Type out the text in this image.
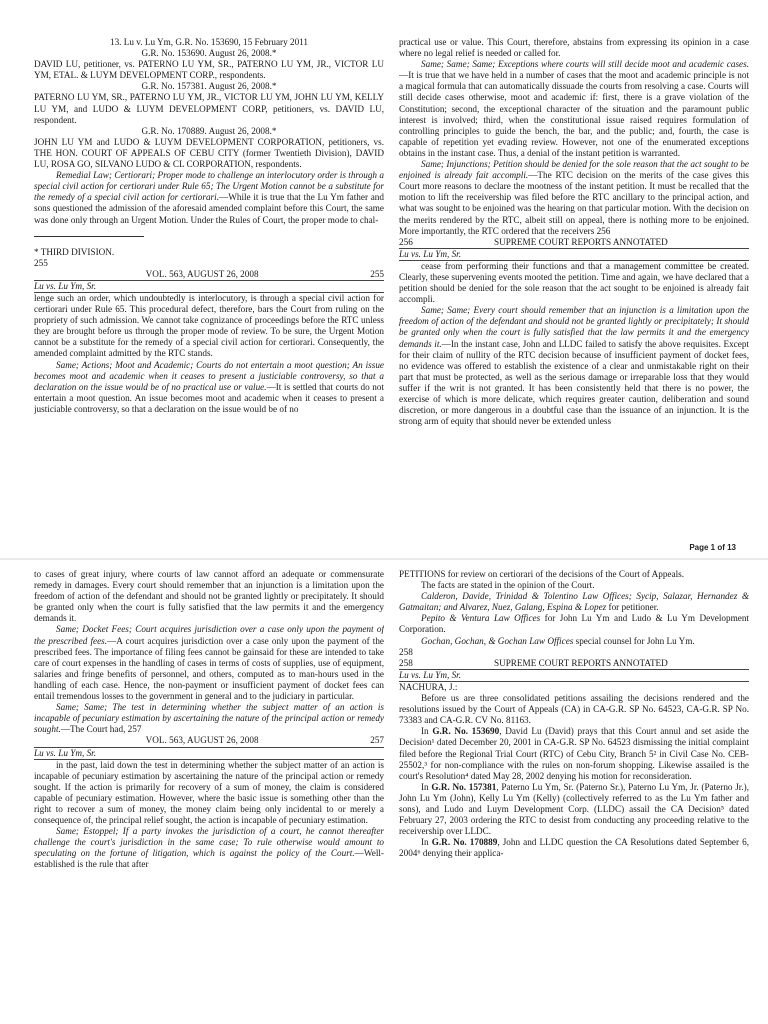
13. Lu v. Lu Ym, G.R. No. 153690, 15 February 2011

G.R. No. 153690. August 26, 2008.*

DAVID LU, petitioner, vs. PATERNO LU YM, SR., PATERNO LU YM, JR., VICTOR LU YM, ETAL. & LUYM DEVELOPMENT CORP., respondents.

G.R. No. 157381. August 26, 2008.*

PATERNO LU YM, SR., PATERNO LU YM, JR., VICTOR LU YM, JOHN LU YM, KELLY LU YM, and LUDO & LUYM DEVELOPMENT CORP, petitioners, vs. DAVID LU, respondent.

G.R. No. 170889. August 26, 2008.*

JOHN LU YM and LUDO & LUYM DEVELOPMENT CORPORATION, petitioners, vs. THE HON. COURT OF APPEALS OF CEBU CITY (former Twentieth Division), DAVID LU, ROSA GO, SILVANO LUDO & CL CORPORATION, respondents.

Remedial Law; Certiorari; Proper mode to challenge an interlocutory order is through a special civil action for certiorari under Rule 65; The Urgent Motion cannot be a substitute for the remedy of a special civil action for certiorari.—While it is true that the Lu Ym father and sons questioned the admission of the aforesaid amended complaint before this Court, the same was done only through an Urgent Motion. Under the Rules of Court, the proper mode to chal-

* THIRD DIVISION.

255

VOL. 563, AUGUST 26, 2008	255

Lu vs. Lu Ym, Sr.

lenge such an order, which undoubtedly is interlocutory, is through a special civil action for certiorari under Rule 65. This procedural defect, therefore, bars the Court from ruling on the propriety of such admission. We cannot take cognizance of proceedings before the RTC unless they are brought before us through the proper mode of review. To be sure, the Urgent Motion cannot be a substitute for the remedy of a special civil action for certiorari. Consequently, the amended complaint admitted by the RTC stands.

Same; Actions; Moot and Academic; Courts do not entertain a moot question; An issue becomes moot and academic when it ceases to present a justiciable controversy, so that a declaration on the issue would be of no practical use or value.—It is settled that courts do not entertain a moot question. An issue becomes moot and academic when it ceases to present a justiciable controversy, so that a declaration on the issue would be of no

practical use or value. This Court, therefore, abstains from expressing its opinion in a case where no legal relief is needed or called for.

Same; Same; Same; Exceptions where courts will still decide moot and academic cases.—It is true that we have held in a number of cases that the moot and academic principle is not a magical formula that can automatically dissuade the courts from resolving a case. Courts will still decide cases otherwise, moot and academic if: first, there is a grave violation of the Constitution; second, the exceptional character of the situation and the paramount public interest is involved; third, when the constitutional issue raised requires formulation of controlling principles to guide the bench, the bar, and the public; and, fourth, the case is capable of repetition yet evading review. However, not one of the enumerated exceptions obtains in the instant case. Thus, a denial of the instant petition is warranted.

Same; Injunctions; Petition should be denied for the sole reason that the act sought to be enjoined is already fait accompli.—The RTC decision on the merits of the case gives this Court more reasons to declare the mootness of the instant petition. It must be recalled that the motion to lift the receivership was filed before the RTC ancillary to the principal action, and what was sought to be enjoined was the hearing on that particular motion. With the decision on the merits rendered by the RTC, albeit still on appeal, there is nothing more to be enjoined. More importantly, the RTC ordered that the receivers 256

256	SUPREME COURT REPORTS ANNOTATED

Lu vs. Lu Ym, Sr.

cease from performing their functions and that a management committee be created. Clearly, these supervening events mooted the petition. Time and again, we have declared that a petition should be denied for the sole reason that the act sought to be enjoined is already fait accompli.

Same; Same; Every court should remember that an injunction is a limitation upon the freedom of action of the defendant and should not be granted lightly or precipitately; It should be granted only when the court is fully satisfied that the law permits it and the emergency demands it.—In the instant case, John and LLDC failed to satisfy the above requisites. Except for their claim of nullity of the RTC decision because of insufficient payment of docket fees, no evidence was offered to establish the existence of a clear and unmistakable right on their part that must be protected, as well as the serious damage or irreparable loss that they would suffer if the writ is not granted. It has been consistently held that there is no power, the exercise of which is more delicate, which requires greater caution, deliberation and sound discretion, or more dangerous in a doubtful case than the issuance of an injunction. It is the strong arm of equity that should never be extended unless

Page 1 of 13

to cases of great injury, where courts of law cannot afford an adequate or commensurate remedy in damages. Every court should remember that an injunction is a limitation upon the freedom of action of the defendant and should not be granted lightly or precipitately. It should be granted only when the court is fully satisfied that the law permits it and the emergency demands it.

Same; Docket Fees; Court acquires jurisdiction over a case only upon the payment of the prescribed fees.—A court acquires jurisdiction over a case only upon the payment of the prescribed fees. The importance of filing fees cannot be gainsaid for these are intended to take care of court expenses in the handling of cases in terms of costs of supplies, use of equipment, salaries and fringe benefits of personnel, and others, computed as to man-hours used in the handling of each case. Hence, the non-payment or insufficient payment of docket fees can entail tremendous losses to the government in general and to the judiciary in particular.

Same; Same; The test in determining whether the subject matter of an action is incapable of pecuniary estimation by ascertaining the nature of the principal action or remedy sought.—The Court had, 257

VOL. 563, AUGUST 26, 2008	257

Lu vs. Lu Ym, Sr.

in the past, laid down the test in determining whether the subject matter of an action is incapable of pecuniary estimation by ascertaining the nature of the principal action or remedy sought. If the action is primarily for recovery of a sum of money, the claim is considered capable of pecuniary estimation. However, where the basic issue is something other than the right to recover a sum of money, the money claim being only incidental to or merely a consequence of, the principal relief sought, the action is incapable of pecuniary estimation.

Same; Estoppel; If a party invokes the jurisdiction of a court, he cannot thereafter challenge the court's jurisdiction in the same case; To rule otherwise would amount to speculating on the fortune of litigation, which is against the policy of the Court.—Well-established is the rule that after

PETITIONS for review on certiorari of the decisions of the Court of Appeals.

The facts are stated in the opinion of the Court.

Calderon, Davide, Trinidad & Tolentino Law Offices; Sycip, Salazar, Hernandez & Gatmaitan; and Alvarez, Nuez, Galang, Espina & Lopez for petitioner.

Pepito & Ventura Law Offices for John Lu Ym and Ludo & Lu Ym Development Corporation.

Gochan, Gochan, & Gochan Law Offices special counsel for John Lu Ym.

258

258	SUPREME COURT REPORTS ANNOTATED

Lu vs. Lu Ym, Sr.

NACHURA, J.:

Before us are three consolidated petitions assailing the decisions rendered and the resolutions issued by the Court of Appeals (CA) in CA-G.R. SP No. 64523, CA-G.R. SP No. 73383 and CA-G.R. CV No. 81163.

In G.R. No. 153690, David Lu (David) prays that this Court annul and set aside the Decision¹ dated December 20, 2001 in CA-G.R. SP No. 64523 dismissing the initial complaint filed before the Regional Trial Court (RTC) of Cebu City, Branch 5² in Civil Case No. CEB-25502,³ for non-compliance with the rules on non-forum shopping. Likewise assailed is the court's Resolution⁴ dated May 28, 2002 denying his motion for reconsideration.

In G.R. No. 157381, Paterno Lu Ym, Sr. (Paterno Sr.), Paterno Lu Ym, Jr. (Paterno Jr.), John Lu Ym (John), Kelly Lu Ym (Kelly) (collectively referred to as the Lu Ym father and sons), and Ludo and Luym Development Corp. (LLDC) assail the CA Decision⁵ dated February 27, 2003 ordering the RTC to desist from conducting any proceeding relative to the receivership over LLDC.

In G.R. No. 170889, John and LLDC question the CA Resolutions dated September 6, 2004⁶ denying their applica-
